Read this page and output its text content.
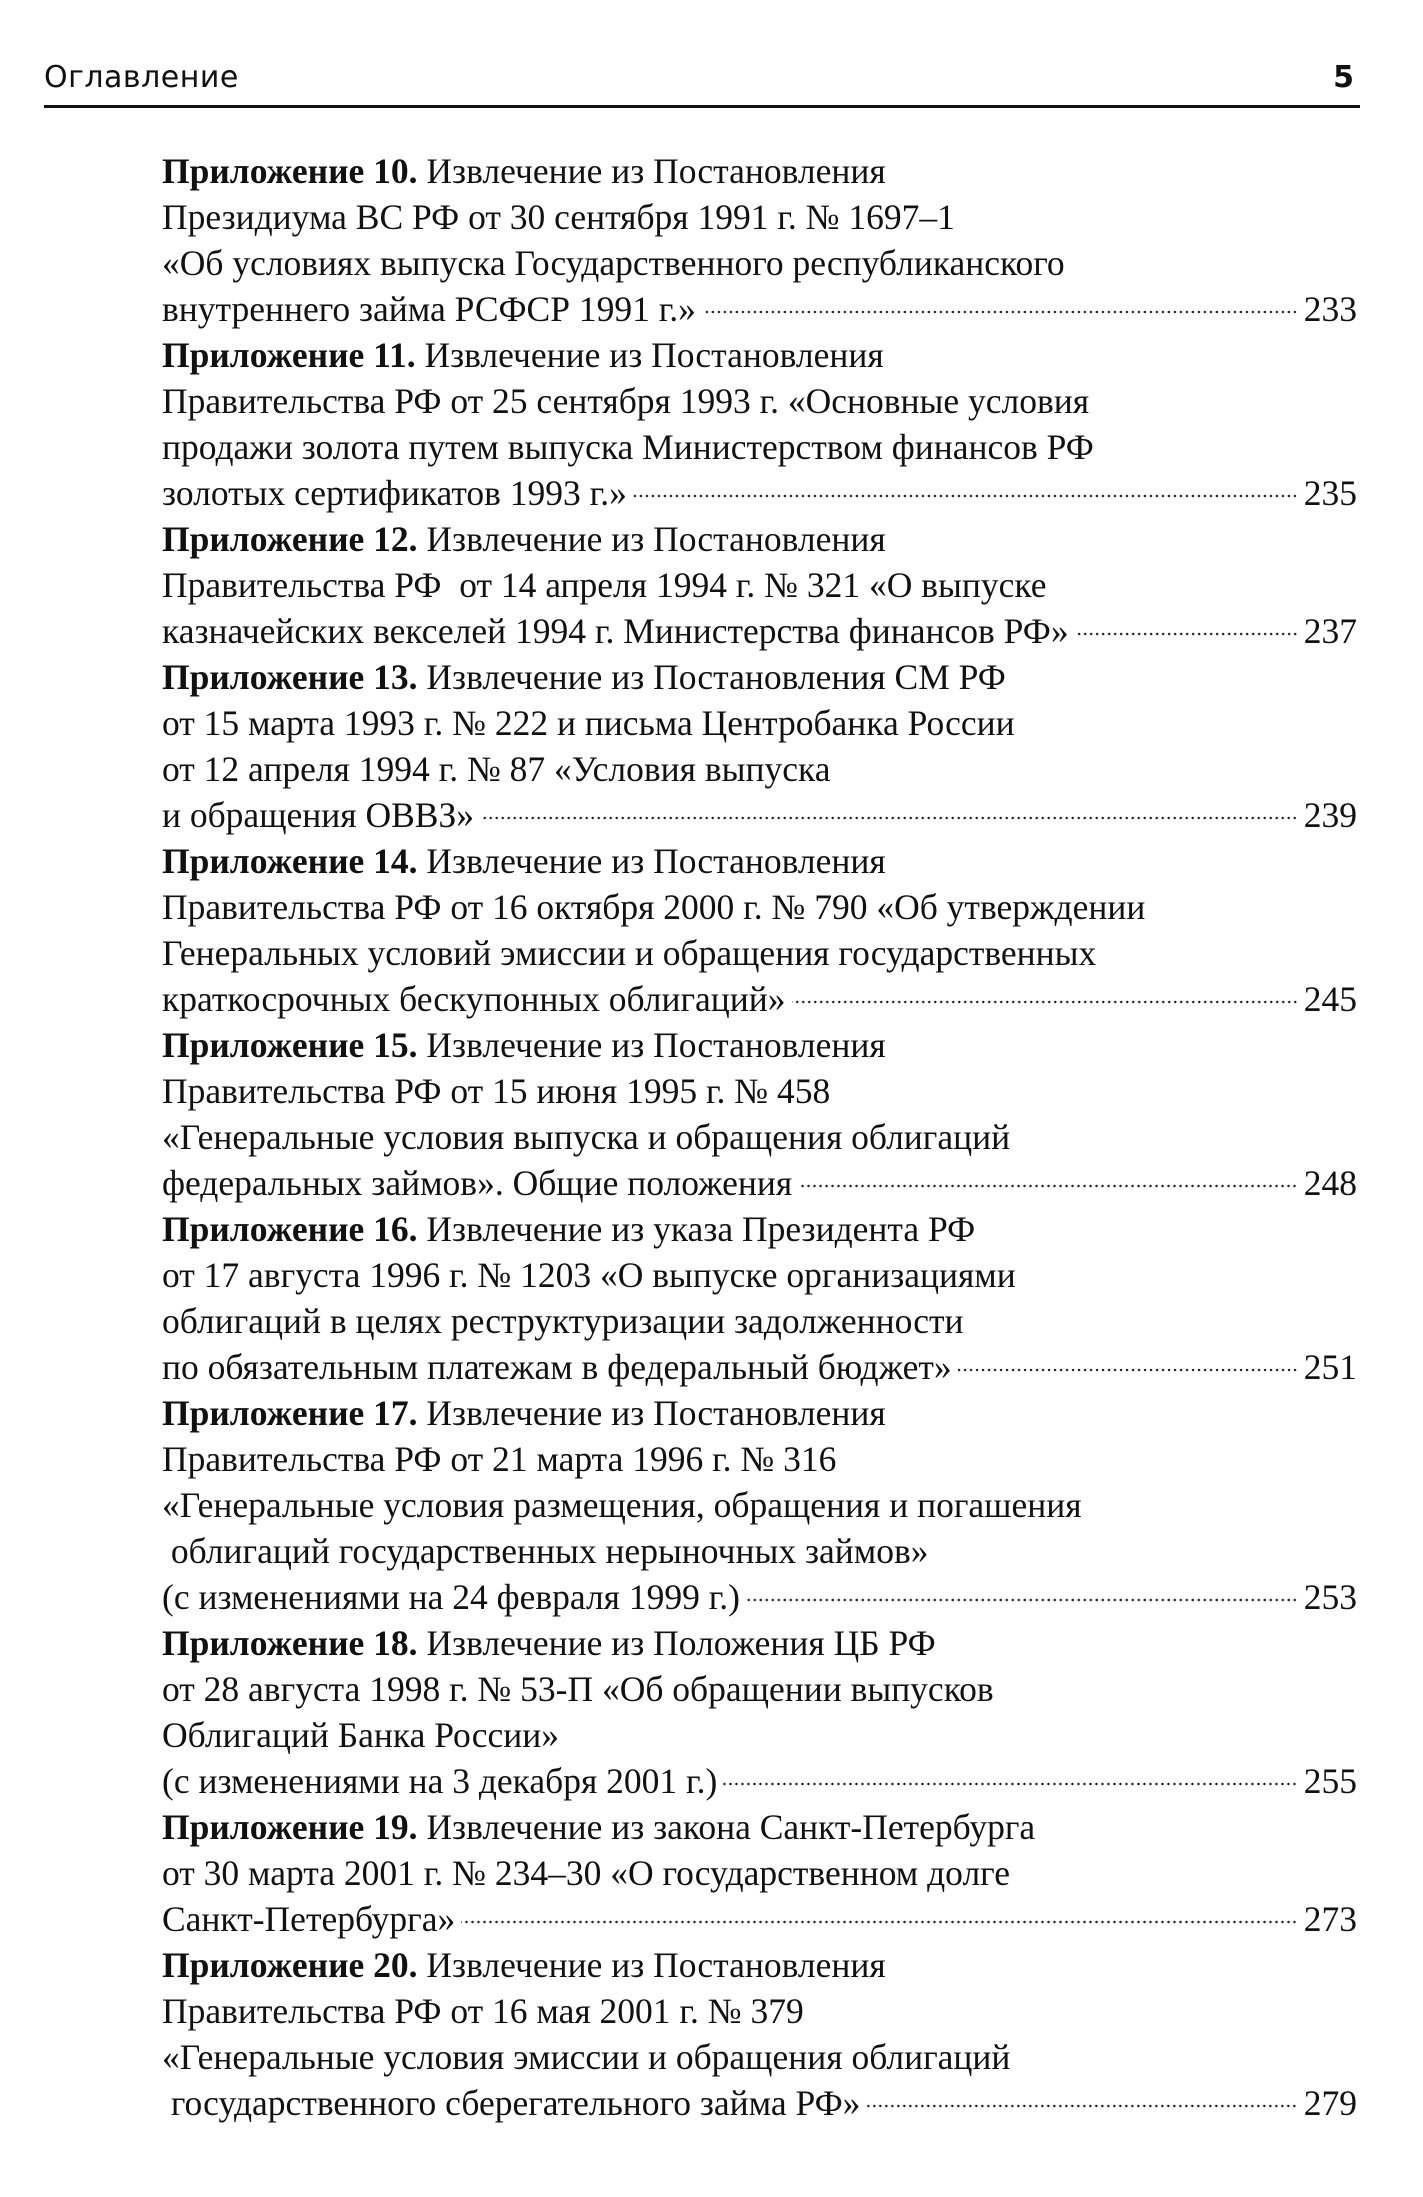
Оглавление	5
Приложение 10. Извлечение из Постановления
Президиума ВС РФ от 30 сентября 1991 г. № 1697–1
«Об условиях выпуска Государственного республиканского
внутреннего займа РСФСР 1991 г.»	233
Приложение 11. Извлечение из Постановления
Правительства РФ от 25 сентября 1993 г. «Основные условия
продажи золота путем выпуска Министерством финансов РФ
золотых сертификатов 1993 г.»	235
Приложение 12. Извлечение из Постановления
Правительства РФ  от 14 апреля 1994 г. № 321 «О выпуске
казначейских векселей 1994 г. Министерства финансов РФ»	237
Приложение 13. Извлечение из Постановления СМ РФ
от 15 марта 1993 г. № 222 и письма Центробанка России
от 12 апреля 1994 г. № 87 «Условия выпуска
и обращения ОВВЗ»	239
Приложение 14. Извлечение из Постановления
Правительства РФ от 16 октября 2000 г. № 790 «Об утверждении
Генеральных условий эмиссии и обращения государственных
краткосрочных бескупонных облигаций»	245
Приложение 15. Извлечение из Постановления
Правительства РФ от 15 июня 1995 г. № 458
«Генеральные условия выпуска и обращения облигаций
федеральных займов». Общие положения	248
Приложение 16. Извлечение из указа Президента РФ
от 17 августа 1996 г. № 1203 «О выпуске организациями
облигаций в целях реструктуризации задолженности
по обязательным платежам в федеральный бюджет»	251
Приложение 17. Извлечение из Постановления
Правительства РФ от 21 марта 1996 г. № 316
«Генеральные условия размещения, обращения и погашения
облигаций государственных нерыночных займов»
(с изменениями на 24 февраля 1999 г.)	253
Приложение 18. Извлечение из Положения ЦБ РФ
от 28 августа 1998 г. № 53-П «Об обращении выпусков
Облигаций Банка России»
(с изменениями на 3 декабря 2001 г.)	255
Приложение 19. Извлечение из закона Санкт-Петербурга
от 30 марта 2001 г. № 234–30 «О государственном долге
Санкт-Петербурга»	273
Приложение 20. Извлечение из Постановления
Правительства РФ от 16 мая 2001 г. № 379
«Генеральные условия эмиссии и обращения облигаций
государственного сберегательного займа РФ»	279
